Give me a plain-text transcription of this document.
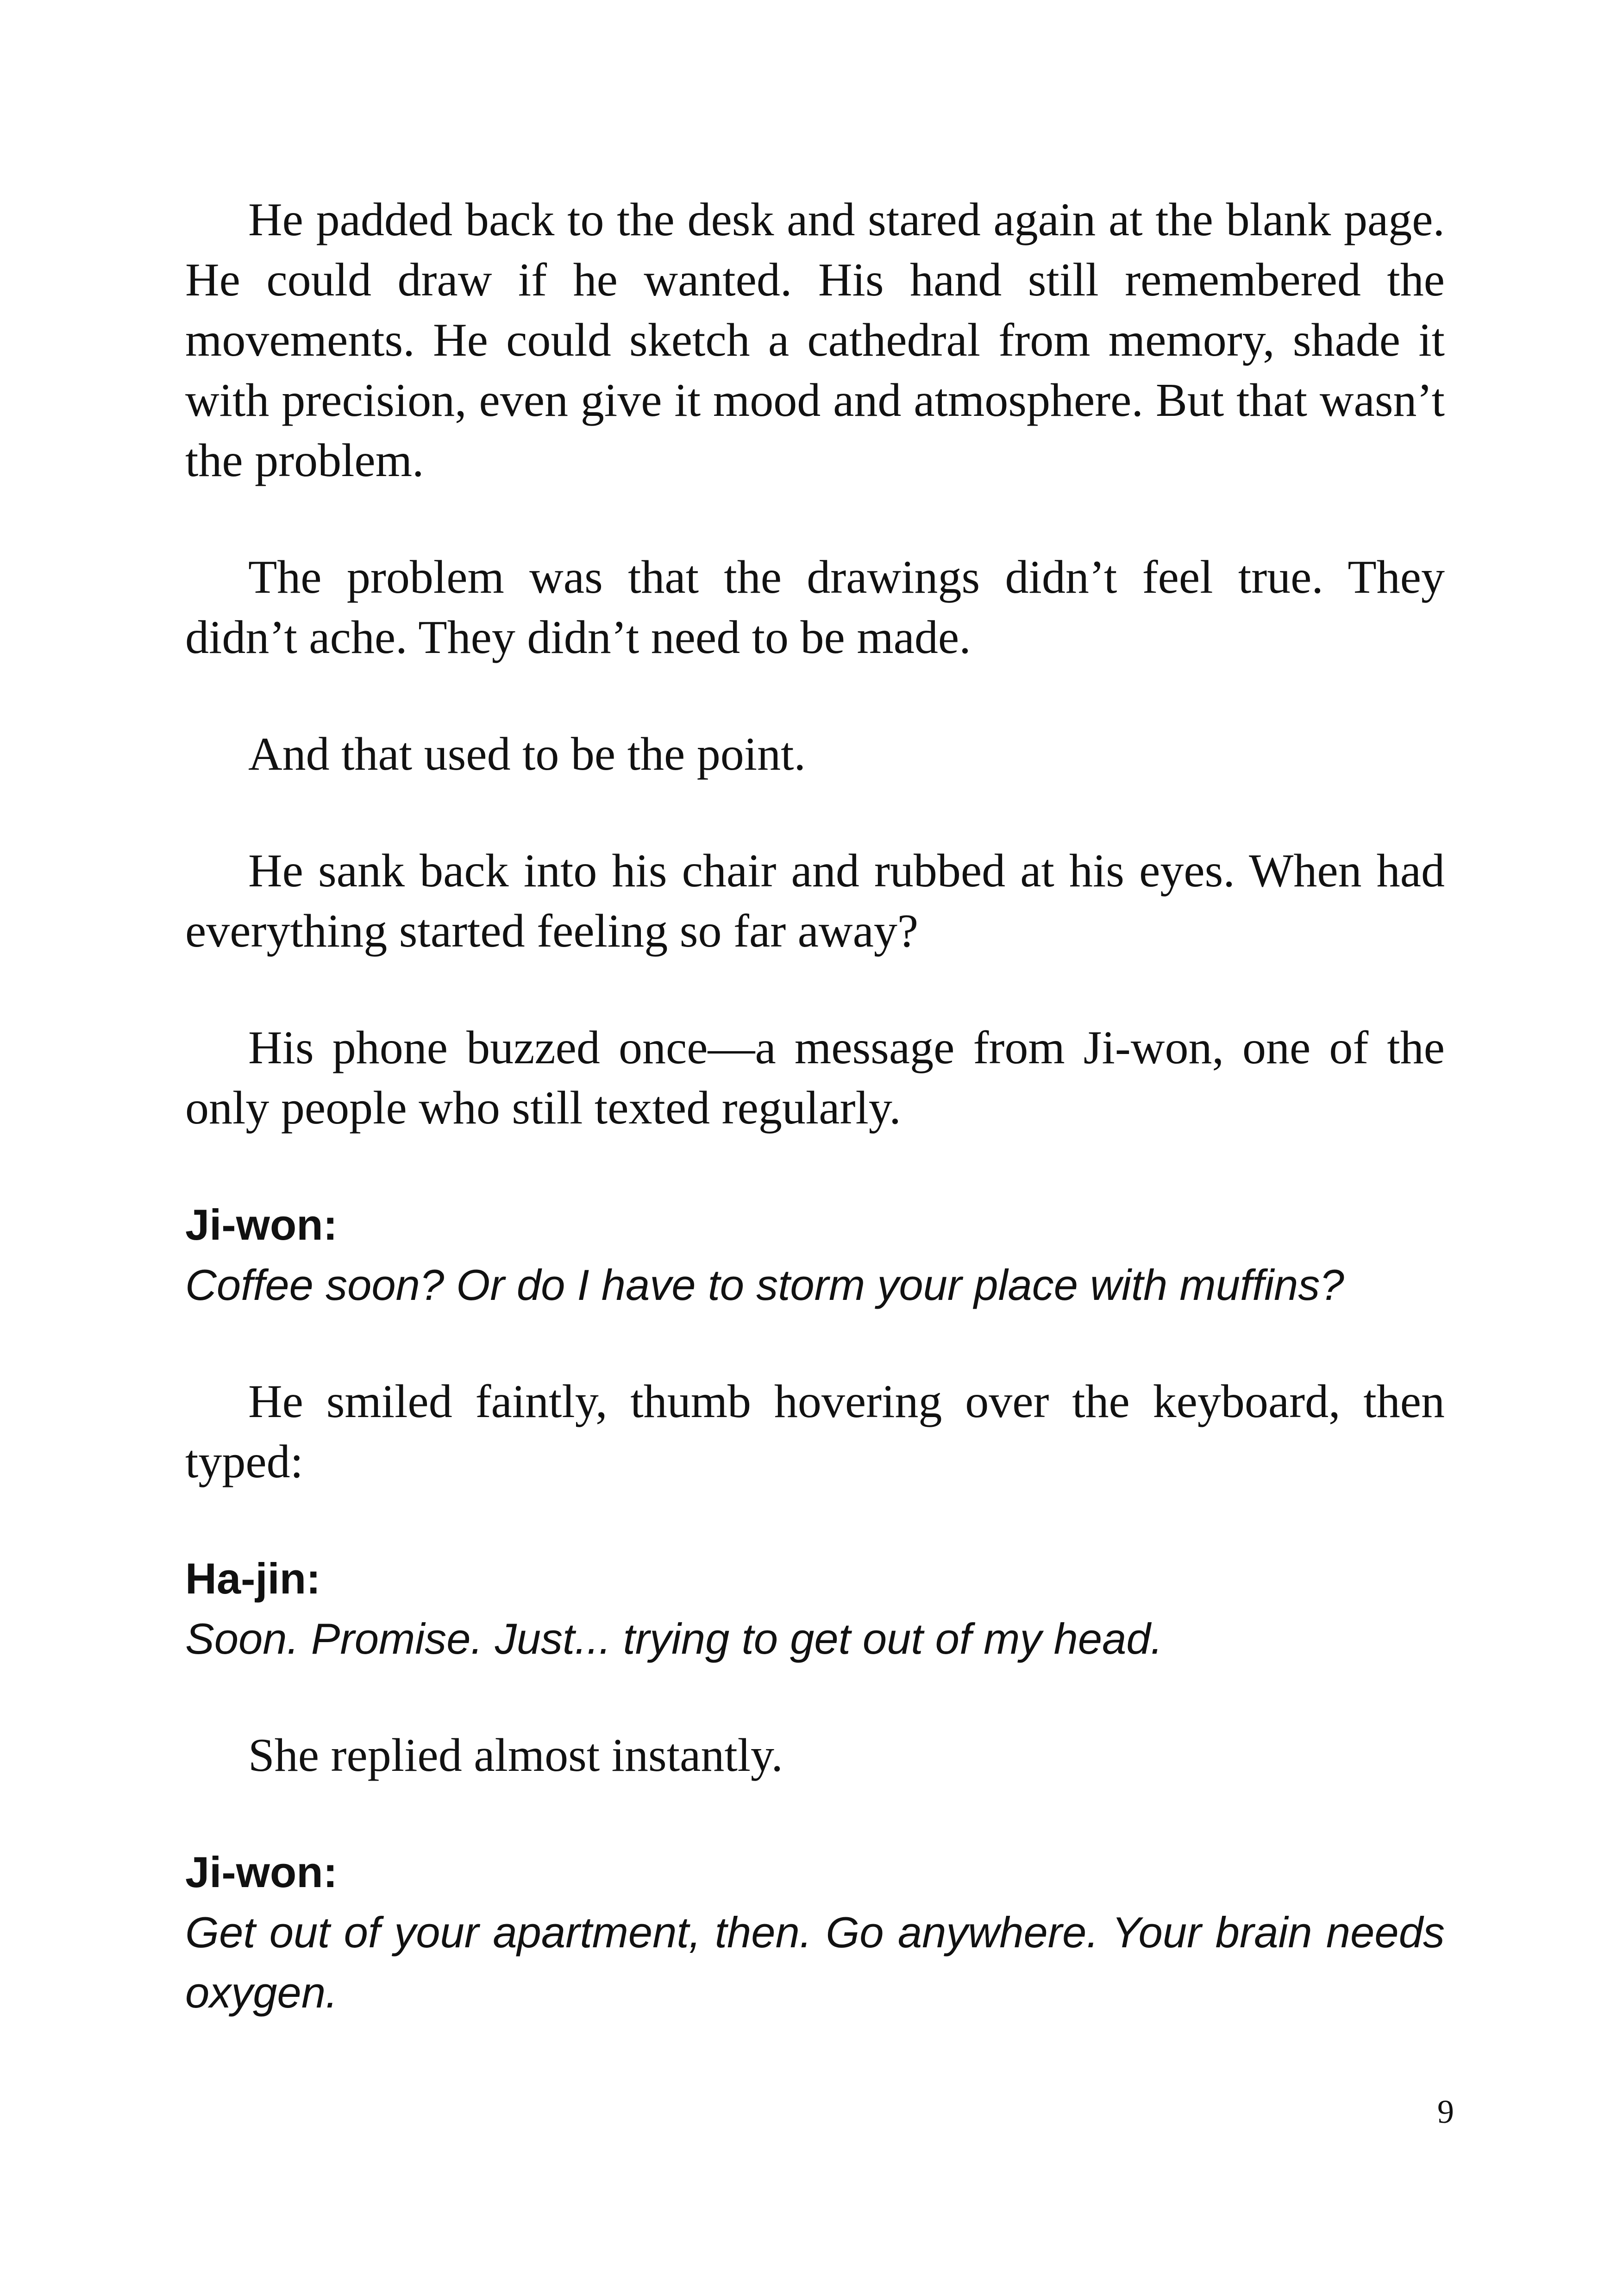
He padded back to the desk and stared again at the blank page. He could draw if he wanted. His hand still remembered the movements. He could sketch a cathedral from memory, shade it with precision, even give it mood and atmosphere. But that wasn’t the problem.

The problem was that the drawings didn’t feel true. They didn’t ache. They didn’t need to be made.

And that used to be the point.

He sank back into his chair and rubbed at his eyes. When had everything started feeling so far away?

His phone buzzed once—a message from Ji-won, one of the only people who still texted regularly.

Ji-won:

Coffee soon? Or do I have to storm your place with muffins?

He smiled faintly, thumb hovering over the keyboard, then typed:

Ha-jin:

Soon. Promise. Just... trying to get out of my head.

She replied almost instantly.

Ji-won:

Get out of your apartment, then. Go anywhere. Your brain needs oxygen.

9
